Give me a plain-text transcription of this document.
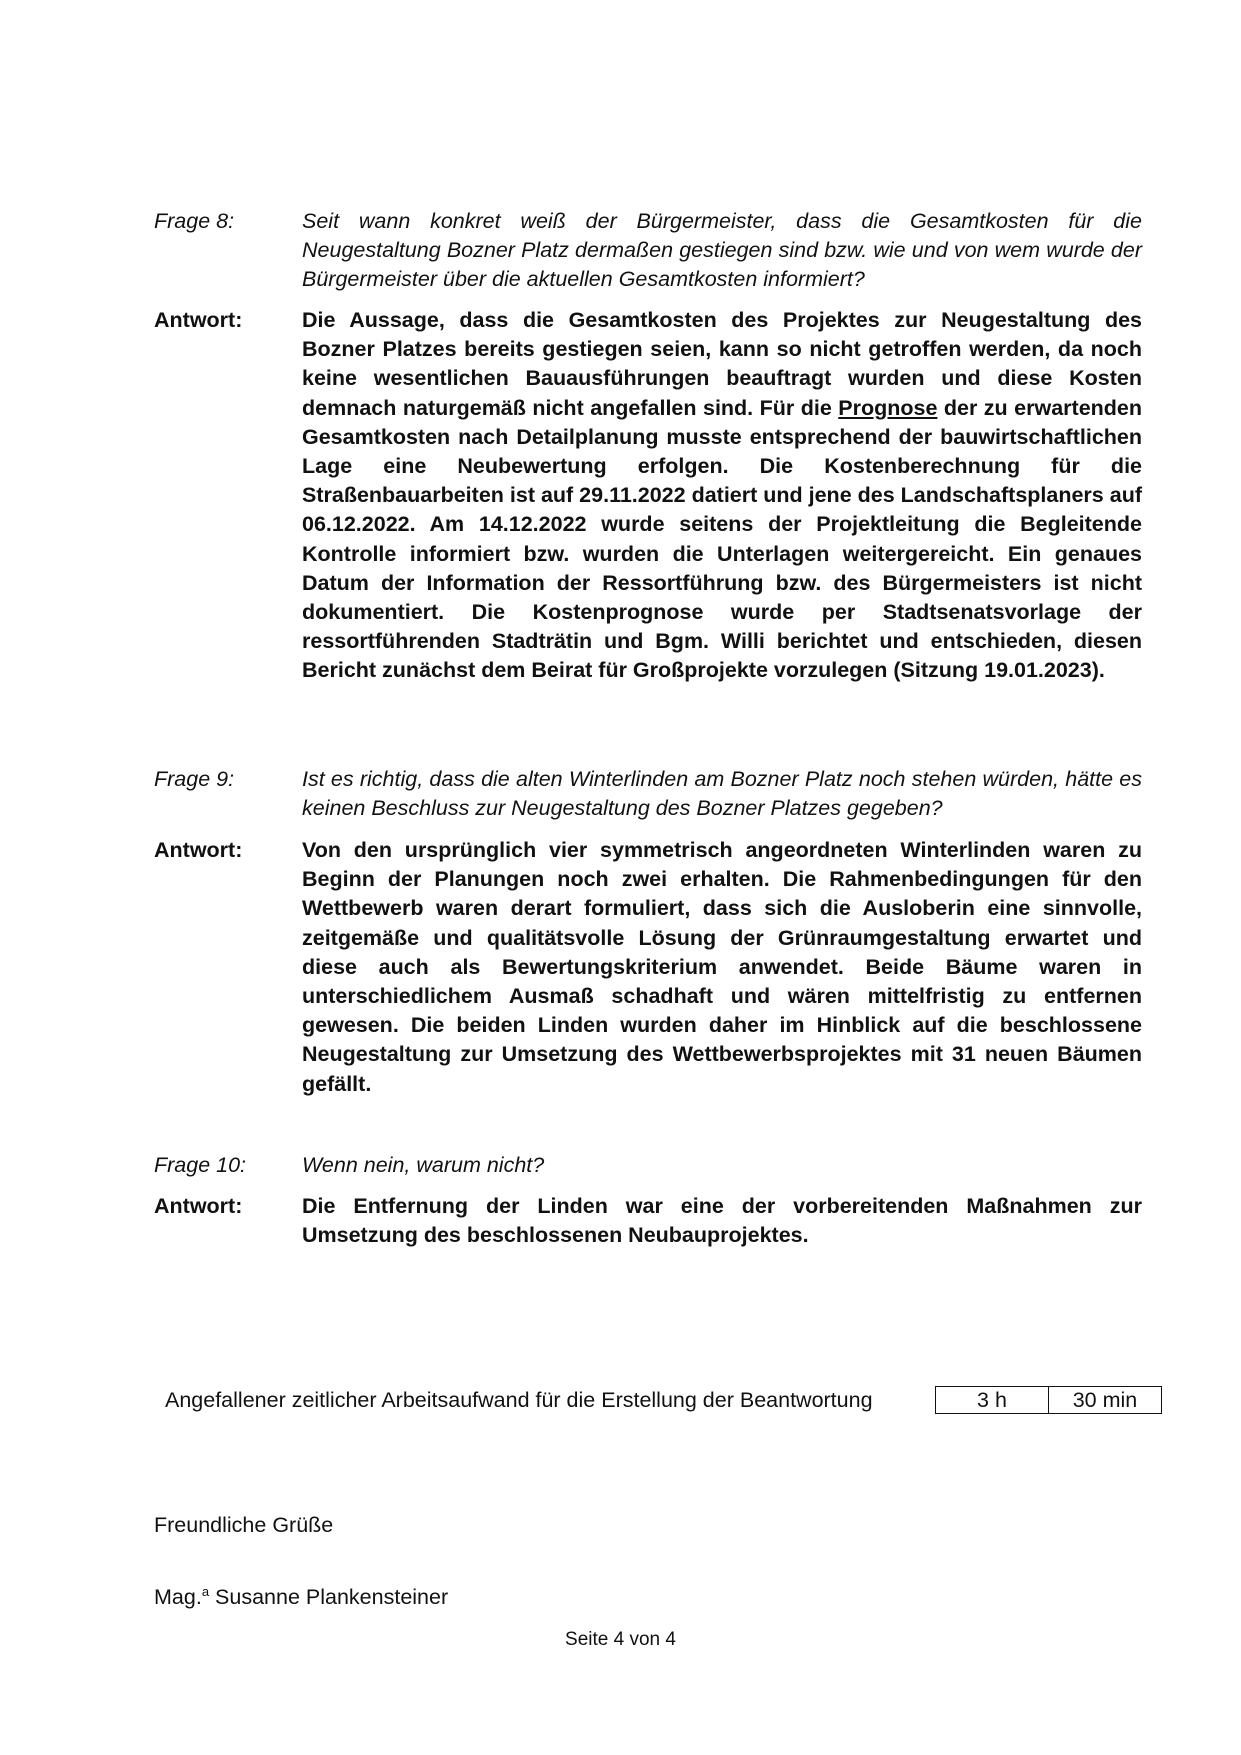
Frage 8:	Seit wann konkret weiß der Bürgermeister, dass die Gesamtkosten für die Neugestaltung Bozner Platz dermaßen gestiegen sind bzw. wie und von wem wurde der Bürgermeister über die aktuellen Gesamtkosten informiert?
Antwort:	Die Aussage, dass die Gesamtkosten des Projektes zur Neugestaltung des Bozner Platzes bereits gestiegen seien, kann so nicht getroffen werden, da noch keine wesentlichen Bauausführungen beauftragt wurden und diese Kosten demnach naturgemäß nicht angefallen sind. Für die Prognose der zu erwartenden Gesamtkosten nach Detailplanung musste entsprechend der bauwirtschaftlichen Lage eine Neubewertung erfolgen. Die Kostenberechnung für die Straßenbauarbeiten ist auf 29.11.2022 datiert und jene des Landschaftsplaners auf 06.12.2022. Am 14.12.2022 wurde seitens der Projektleitung die Begleitende Kontrolle informiert bzw. wurden die Unterlagen weitergereicht. Ein genaues Datum der Information der Ressortführung bzw. des Bürgermeisters ist nicht dokumentiert. Die Kostenprognose wurde per Stadtsenatsvorlage der ressortführenden Stadträtin und Bgm. Willi berichtet und entschieden, diesen Bericht zunächst dem Beirat für Großprojekte vorzulegen (Sitzung 19.01.2023).
Frage 9:	Ist es richtig, dass die alten Winterlinden am Bozner Platz noch stehen würden, hätte es keinen Beschluss zur Neugestaltung des Bozner Platzes gegeben?
Antwort:	Von den ursprünglich vier symmetrisch angeordneten Winterlinden waren zu Beginn der Planungen noch zwei erhalten. Die Rahmenbedingungen für den Wettbewerb waren derart formuliert, dass sich die Ausloberin eine sinnvolle, zeitgemäße und qualitätsvolle Lösung der Grünraumgestaltung erwartet und diese auch als Bewertungskriterium anwendet. Beide Bäume waren in unterschiedlichem Ausmaß schadhaft und wären mittelfristig zu entfernen gewesen. Die beiden Linden wurden daher im Hinblick auf die beschlossene Neugestaltung zur Umsetzung des Wettbewerbsprojektes mit 31 neuen Bäumen gefällt.
Frage 10:	Wenn nein, warum nicht?
Antwort:	Die Entfernung der Linden war eine der vorbereitenden Maßnahmen zur Umsetzung des beschlossenen Neubauprojektes.
Angefallener zeitlicher Arbeitsaufwand für die Erstellung der Beantwortung	3 h	30 min
Freundliche Grüße
Mag.$^a$ Susanne Plankensteiner
Seite 4 von 4
